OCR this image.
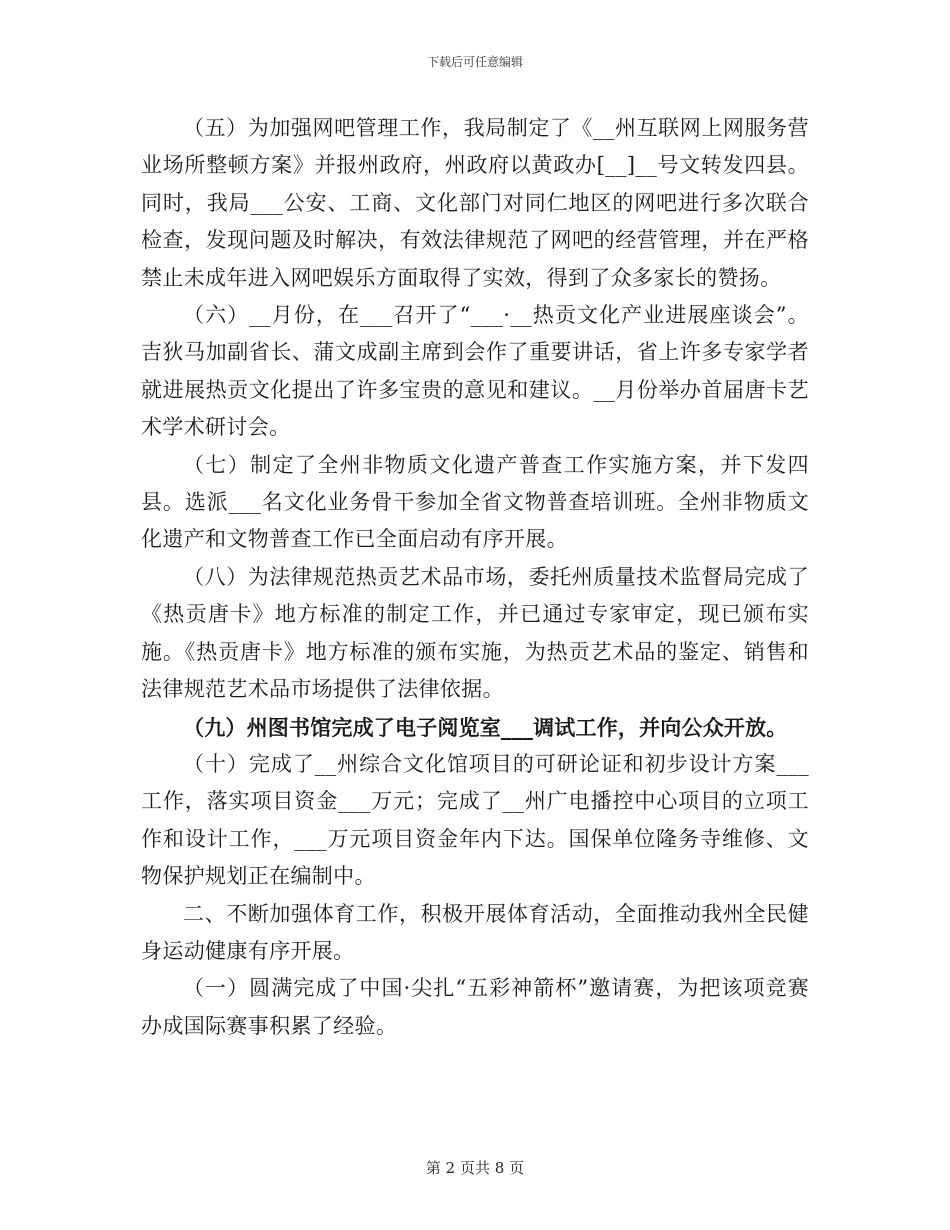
下载后可任意编辑

（五）为加强网吧管理工作，我局制定了《__州互联网上网服务营业场所整顿方案》并报州政府，州政府以黄政办[__]__号文转发四县。同时，我局___公安、工商、文化部门对同仁地区的网吧进行多次联合检查，发现问题及时解决，有效法律规范了网吧的经营管理，并在严格禁止未成年进入网吧娱乐方面取得了实效，得到了众多家长的赞扬。

（六）__月份，在___召开了“___·__热贡文化产业进展座谈会”。吉狄马加副省长、蒲文成副主席到会作了重要讲话，省上许多专家学者就进展热贡文化提出了许多宝贵的意见和建议。__月份举办首届唐卡艺术学术研讨会。

（七）制定了全州非物质文化遗产普查工作实施方案，并下发四县。选派___名文化业务骨干参加全省文物普查培训班。全州非物质文化遗产和文物普查工作已全面启动有序开展。

（八）为法律规范热贡艺术品市场，委托州质量技术监督局完成了《热贡唐卡》地方标准的制定工作，并已通过专家审定，现已颁布实施。《热贡唐卡》地方标准的颁布实施，为热贡艺术品的鉴定、销售和法律规范艺术品市场提供了法律依据。

（九）州图书馆完成了电子阅览室___调试工作，并向公众开放。

（十）完成了__州综合文化馆项目的可研论证和初步设计方案___工作，落实项目资金___万元；完成了__州广电播控中心项目的立项工作和设计工作，___万元项目资金年内下达。国保单位隆务寺维修、文物保护规划正在编制中。

二、不断加强体育工作，积极开展体育活动，全面推动我州全民健身运动健康有序开展。

（一）圆满完成了中国·尖扎“五彩神箭杯”邀请赛，为把该项竞赛办成国际赛事积累了经验。

第 2 页共 8 页
